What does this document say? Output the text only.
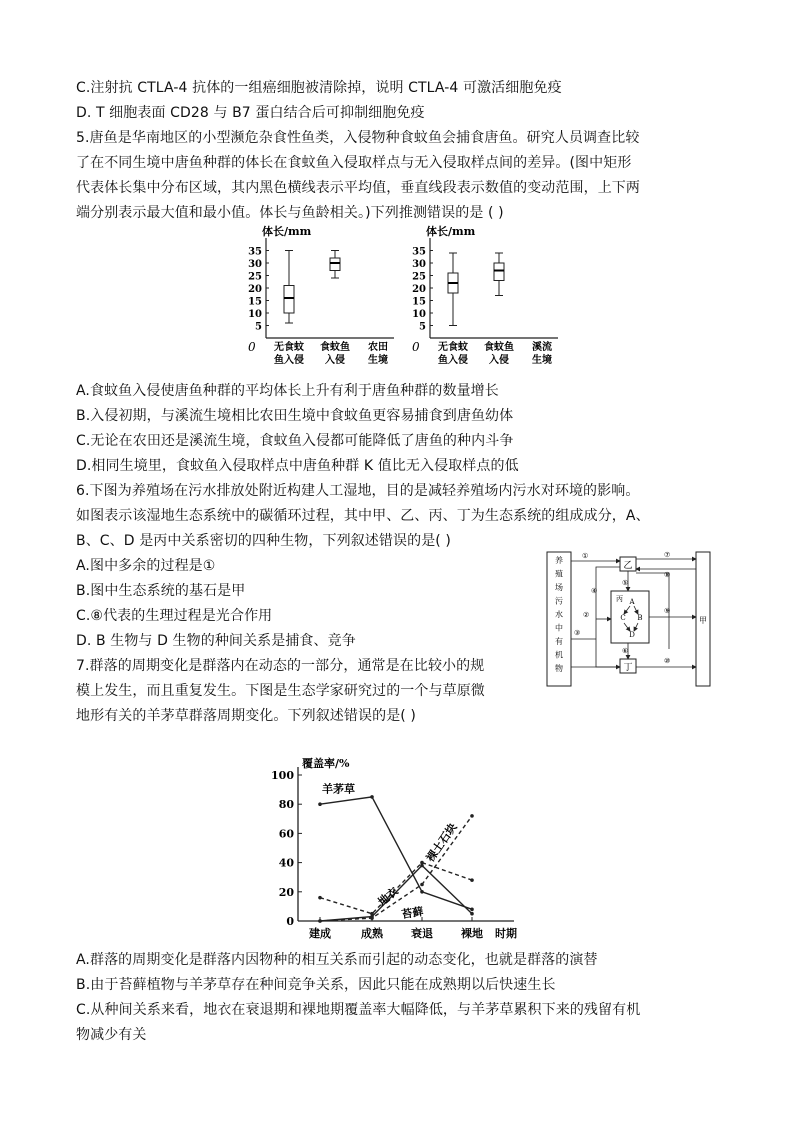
C.注射抗 CTLA-4 抗体的一组癌细胞被清除掉，说明 CTLA-4 可激活细胞免疫
D. T 细胞表面 CD28 与 B7 蛋白结合后可抑制细胞免疫
5.唐鱼是华南地区的小型濒危杂食性鱼类，入侵物种食蚊鱼会捕食唐鱼。研究人员调查比较
了在不同生境中唐鱼种群的体长在食蚊鱼入侵取样点与无入侵取样点间的差异。(图中矩形
代表体长集中分布区域，其内黑色横线表示平均值，垂直线段表示数值的变动范围，上下两
端分别表示最大值和最小值。体长与鱼龄相关。)下列推测错误的是 ( )
体长/mm
35
30
25
20
15
10
5
0 无食蚊
鱼入侵
食蚊鱼
入侵
农田
生境
体长/mm
35
30
25
20
15
10
5
0 无食蚊
鱼入侵
食蚊鱼
入侵
溪流
生境
A.食蚊鱼入侵使唐鱼种群的平均体长上升有利于唐鱼种群的数量增长
B.入侵初期，与溪流生境相比农田生境中食蚊鱼更容易捕食到唐鱼幼体
C.无论在农田还是溪流生境，食蚊鱼入侵都可能降低了唐鱼的种内斗争
D.相同生境里，食蚊鱼入侵取样点中唐鱼种群 K 值比无入侵取样点的低
6.下图为养殖场在污水排放处附近构建人工湿地，目的是减轻养殖场内污水对环境的影响。
如图表示该湿地生态系统中的碳循环过程，其中甲、乙、丙、丁为生态系统的组成成分，A、
B、C、D 是丙中关系密切的四种生物，下列叙述错误的是( )
A.图中多余的过程是①
B.图中生态系统的基石是甲
C.⑧代表的生理过程是光合作用
D. B 生物与 D 生物的种间关系是捕食、竞争
养
殖
场
污
水
中
有
机
物
甲
乙
丁
丙 A
B
C
D
①	⑦
⑧
④
②
③
⑤
⑥
⑨
⑩
7.群落的周期变化是群落内在动态的一部分，通常是在比较小的规
模上发生，而且重复发生。下图是生态学家研究过的一个与草原微
地形有关的羊茅草群落周期变化。下列叙述错误的是( )
覆盖率/%
0
20
40
60
80
100
建成	成熟	衰退	裸地 时期
羊茅草
地衣
苔藓
裸土石块
A.群落的周期变化是群落内因物种的相互关系而引起的动态变化，也就是群落的演替
B.由于苔藓植物与羊茅草存在种间竞争关系，因此只能在成熟期以后快速生长
C.从种间关系来看，地衣在衰退期和裸地期覆盖率大幅降低，与羊茅草累积下来的残留有机
物减少有关
